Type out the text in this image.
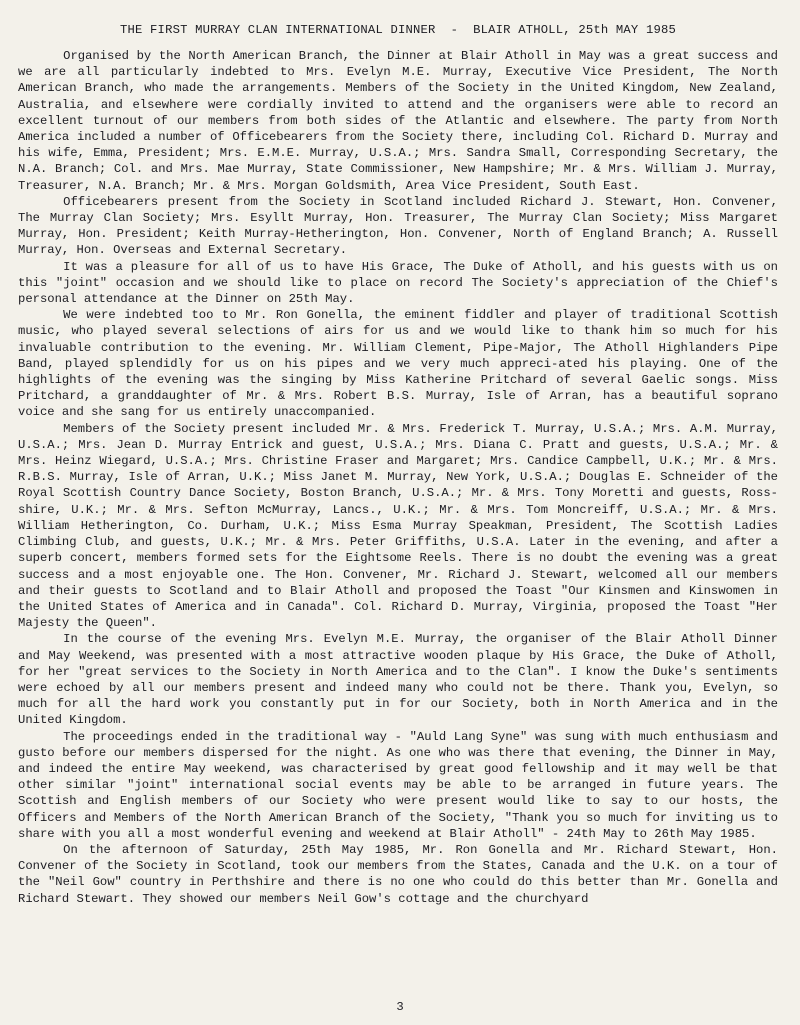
THE FIRST MURRAY CLAN INTERNATIONAL DINNER  -  BLAIR ATHOLL, 25th MAY 1985

Organised by the North American Branch, the Dinner at Blair Atholl in May was a great success and we are all particularly indebted to Mrs. Evelyn M.E. Murray, Executive Vice President, The North American Branch, who made the arrangements. Members of the Society in the United Kingdom, New Zealand, Australia, and elsewhere were cordially invited to attend and the organisers were able to record an excellent turnout of our members from both sides of the Atlantic and elsewhere. The party from North America included a number of Officebearers from the Society there, including Col. Richard D. Murray and his wife, Emma, President; Mrs. E.M.E. Murray, U.S.A.; Mrs. Sandra Small, Corresponding Secretary, the N.A. Branch; Col. and Mrs. Mae Murray, State Commissioner, New Hampshire; Mr. & Mrs. William J. Murray, Treasurer, N.A. Branch; Mr. & Mrs. Morgan Goldsmith, Area Vice President, South East.

Officebearers present from the Society in Scotland included Richard J. Stewart, Hon. Convener, The Murray Clan Society; Mrs. Esyllt Murray, Hon. Treasurer, The Murray Clan Society; Miss Margaret Murray, Hon. President; Keith Murray-Hetherington, Hon. Convener, North of England Branch; A. Russell Murray, Hon. Overseas and External Secretary.

It was a pleasure for all of us to have His Grace, The Duke of Atholl, and his guests with us on this "joint" occasion and we should like to place on record The Society's appreciation of the Chief's personal attendance at the Dinner on 25th May.

We were indebted too to Mr. Ron Gonella, the eminent fiddler and player of traditional Scottish music, who played several selections of airs for us and we would like to thank him so much for his invaluable contribution to the evening. Mr. William Clement, Pipe-Major, The Atholl Highlanders Pipe Band, played splendidly for us on his pipes and we very much appreci-ated his playing. One of the highlights of the evening was the singing by Miss Katherine Pritchard of several Gaelic songs. Miss Pritchard, a granddaughter of Mr. & Mrs. Robert B.S. Murray, Isle of Arran, has a beautiful soprano voice and she sang for us entirely unaccompanied.

Members of the Society present included Mr. & Mrs. Frederick T. Murray, U.S.A.; Mrs. A.M. Murray, U.S.A.; Mrs. Jean D. Murray Entrick and guest, U.S.A.; Mrs. Diana C. Pratt and guests, U.S.A.; Mr. & Mrs. Heinz Wiegard, U.S.A.; Mrs. Christine Fraser and Margaret; Mrs. Candice Campbell, U.K.; Mr. & Mrs. R.B.S. Murray, Isle of Arran, U.K.; Miss Janet M. Murray, New York, U.S.A.; Douglas E. Schneider of the Royal Scottish Country Dance Society, Boston Branch, U.S.A.; Mr. & Mrs. Tony Moretti and guests, Ross-shire, U.K.; Mr. & Mrs. Sefton McMurray, Lancs., U.K.; Mr. & Mrs. Tom Moncreiff, U.S.A.; Mr. & Mrs. William Hetherington, Co. Durham, U.K.; Miss Esma Murray Speakman, President, The Scottish Ladies Climbing Club, and guests, U.K.; Mr. & Mrs. Peter Griffiths, U.S.A. Later in the evening, and after a superb concert, members formed sets for the Eightsome Reels. There is no doubt the evening was a great success and a most enjoyable one. The Hon. Convener, Mr. Richard J. Stewart, welcomed all our members and their guests to Scotland and to Blair Atholl and proposed the Toast "Our Kinsmen and Kinswomen in the United States of America and in Canada". Col. Richard D. Murray, Virginia, proposed the Toast "Her Majesty the Queen".

In the course of the evening Mrs. Evelyn M.E. Murray, the organiser of the Blair Atholl Dinner and May Weekend, was presented with a most attractive wooden plaque by His Grace, the Duke of Atholl, for her "great services to the Society in North America and to the Clan". I know the Duke's sentiments were echoed by all our members present and indeed many who could not be there. Thank you, Evelyn, so much for all the hard work you constantly put in for our Society, both in North America and in the United Kingdom.

The proceedings ended in the traditional way - "Auld Lang Syne" was sung with much enthusiasm and gusto before our members dispersed for the night. As one who was there that evening, the Dinner in May, and indeed the entire May weekend, was characterised by great good fellowship and it may well be that other similar "joint" international social events may be able to be arranged in future years. The Scottish and English members of our Society who were present would like to say to our hosts, the Officers and Members of the North American Branch of the Society, "Thank you so much for inviting us to share with you all a most wonderful evening and weekend at Blair Atholl" - 24th May to 26th May 1985.

On the afternoon of Saturday, 25th May 1985, Mr. Ron Gonella and Mr. Richard Stewart, Hon. Convener of the Society in Scotland, took our members from the States, Canada and the U.K. on a tour of the "Neil Gow" country in Perthshire and there is no one who could do this better than Mr. Gonella and Richard Stewart. They showed our members Neil Gow's cottage and the churchyard

3
